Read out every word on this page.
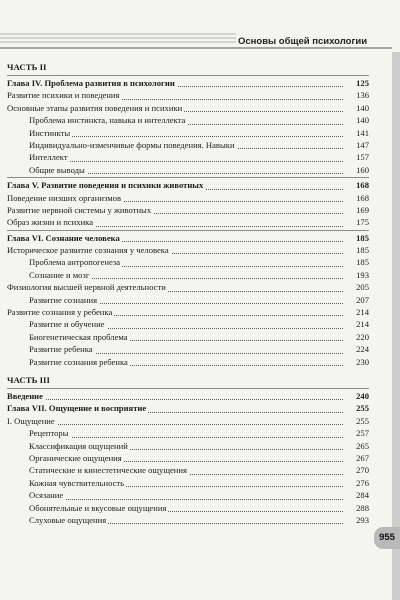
Основы общей психологии
955
ЧАСТЬ II
Глава IV. Проблема развития в психологии	125
Развитие психики и поведения	136
Основные этапы развития поведения и психики	140
Проблема инстинкта, навыка и интеллекта	140
Инстинкты	141
Индивидуально-изменчивые формы поведения. Навыки	147
Интеллект	157
Общие выводы	160
Глава V. Развитие поведения и психики животных	168
Поведение низших организмов	168
Развитие нервной системы у животных	169
Образ жизни и психика	175
Глава VI. Сознание человека	185
Историческое развитие сознания у человека	185
Проблема антропогенеза	185
Сознание и мозг	193
Физиология высшей нервной деятельности	205
Развитие сознания	207
Развитие сознания у ребенка	214
Развитие и обучение	214
Биогенетическая проблема	220
Развитие ребенка	224
Развитие сознания ребенка	230
ЧАСТЬ III
Введение	240
Глава VII. Ощущение и восприятие	255
I. Ощущение	255
Рецепторы	257
Классификация ощущений	265
Органические ощущения	267
Статические и кинестетические ощущения	270
Кожная чувствительность	276
Осязание	284
Обонятельные и вкусовые ощущения	288
Слуховые ощущения	293
